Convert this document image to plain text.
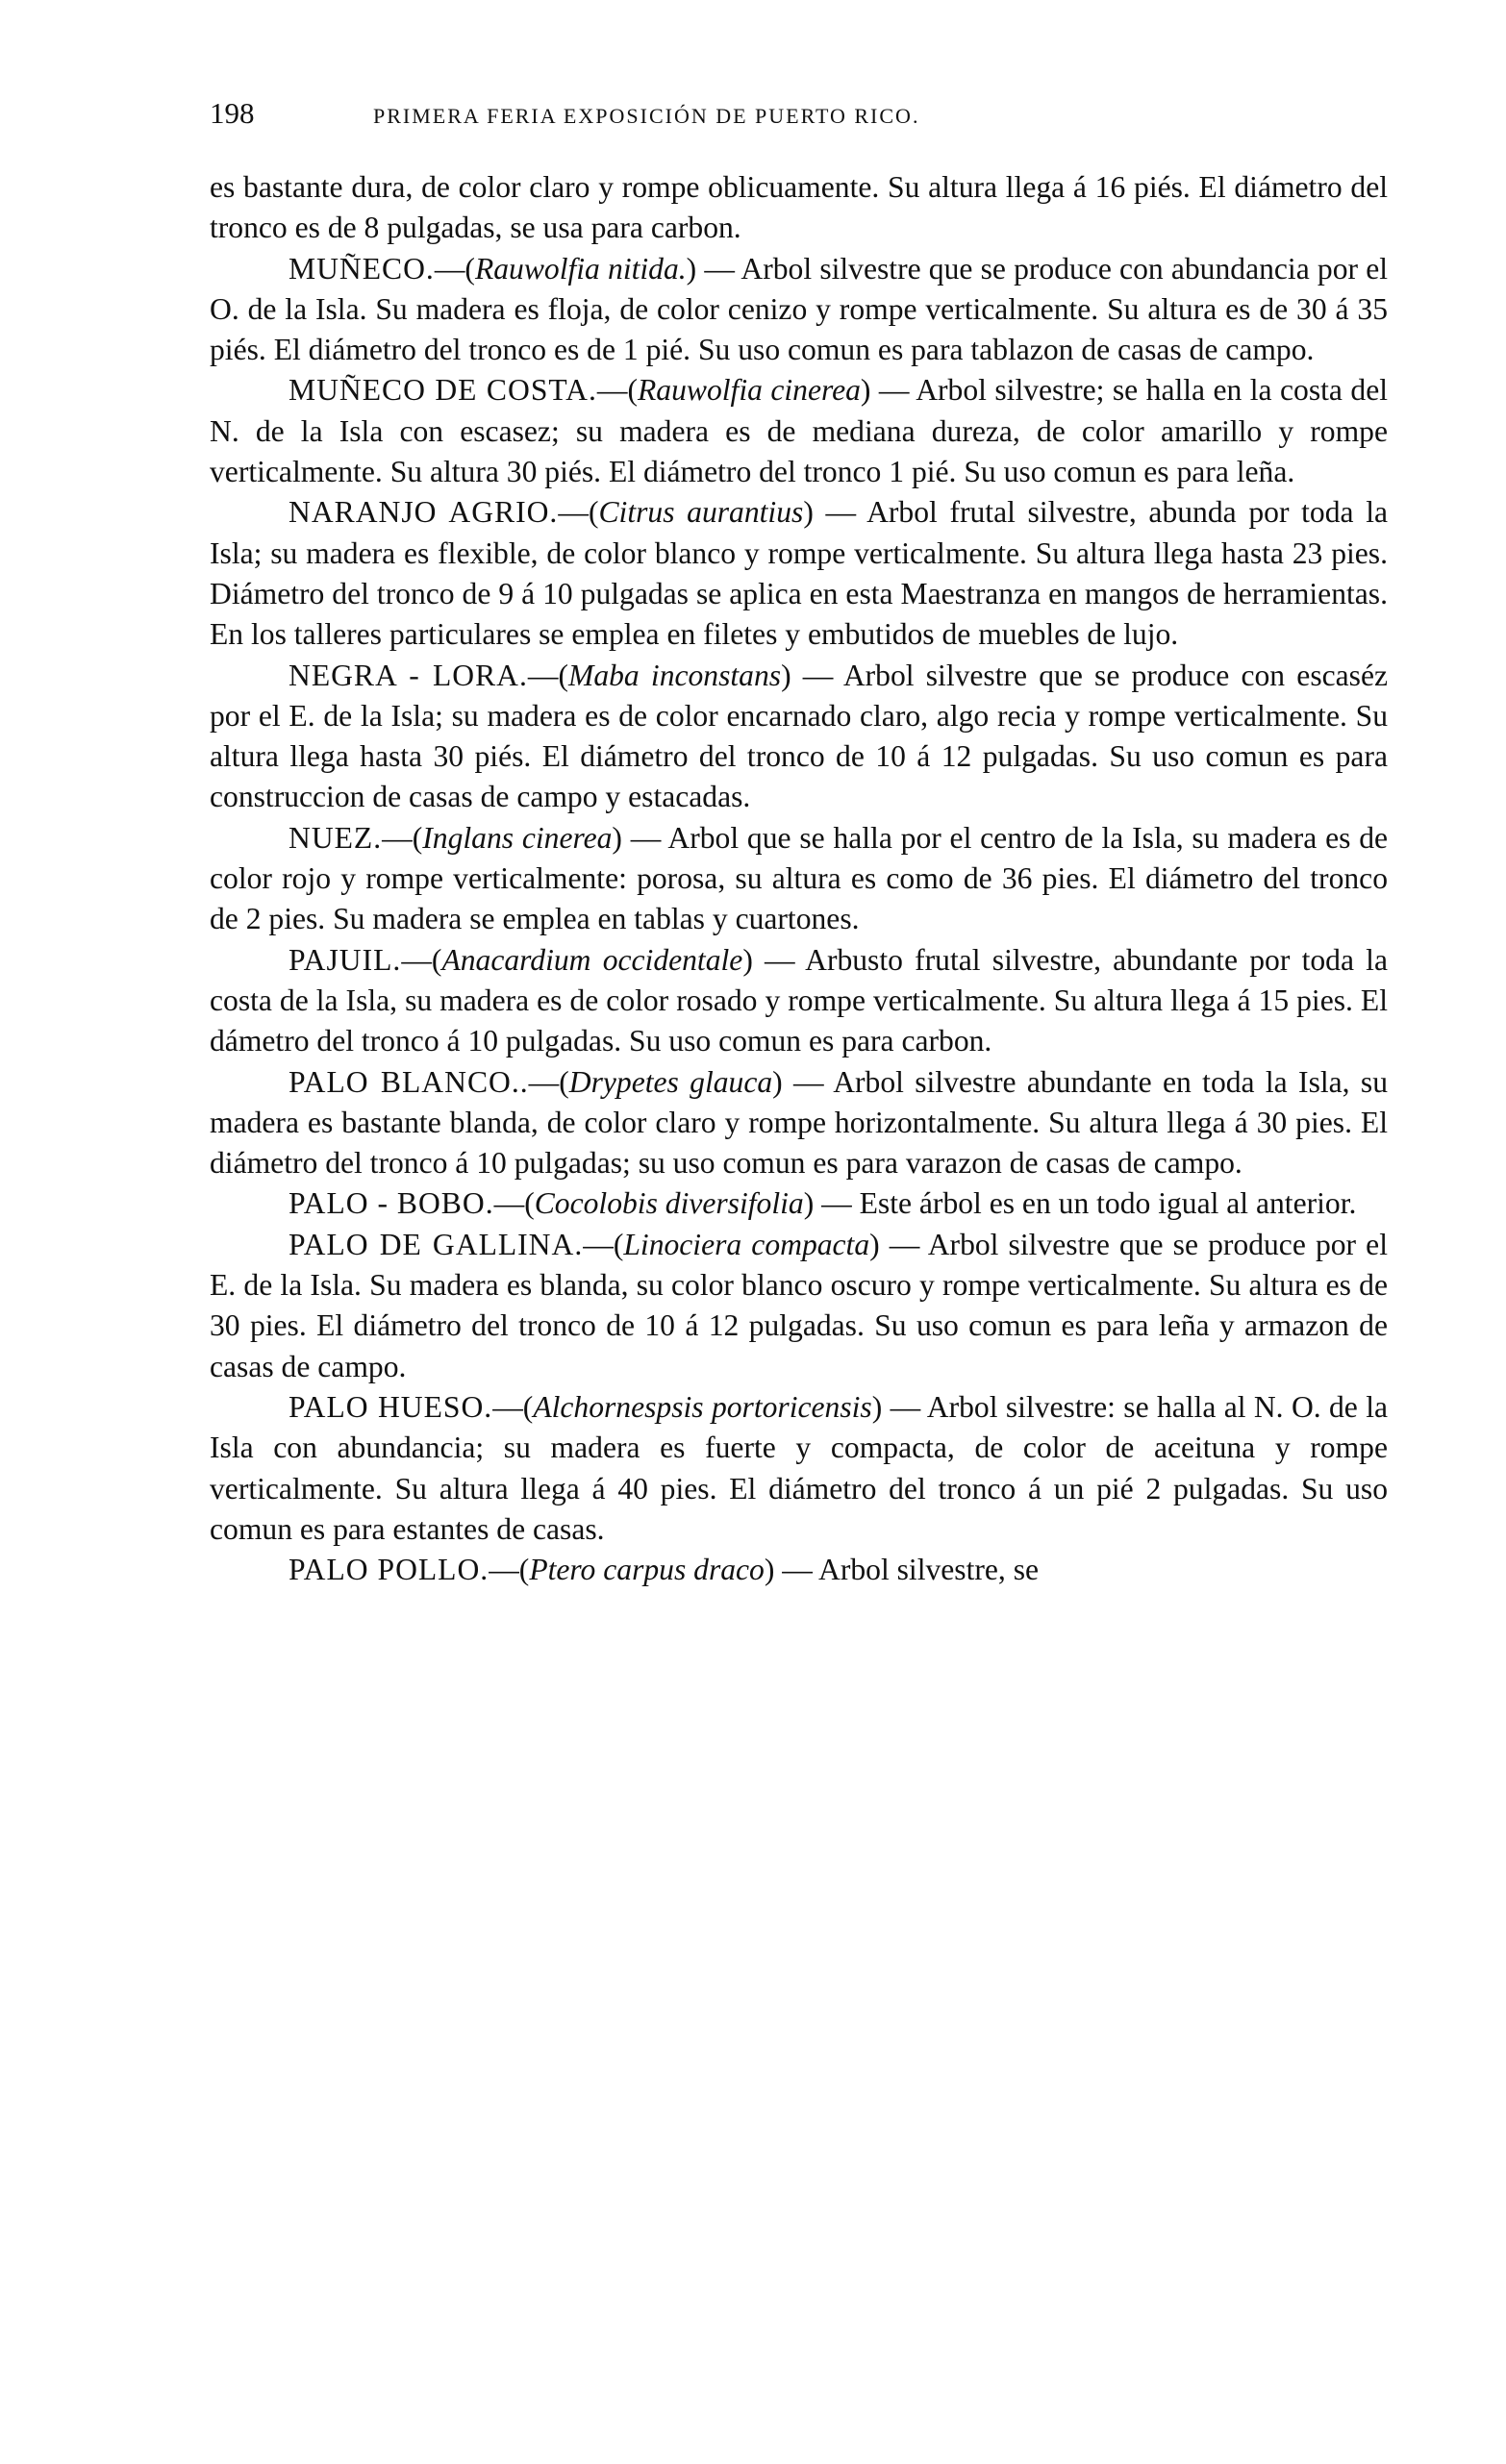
198	PRIMERA FERIA EXPOSICIÓN DE PUERTO RICO.

es bastante dura, de color claro y rompe oblicuamente. Su altura llega á 16 piés. El diámetro del tronco es de 8 pulgadas, se usa para carbon.

MUÑECO.—(Rauwolfia nitida.) — Arbol silvestre que se produce con abundancia por el O. de la Isla. Su madera es floja, de color cenizo y rompe verticalmente. Su altura es de 30 á 35 piés. El diámetro del tronco es de 1 pié. Su uso comun es para tablazon de casas de campo.

MUÑECO DE COSTA.—(Rauwolfia cinerea) — Arbol silvestre; se halla en la costa del N. de la Isla con escasez; su madera es de mediana dureza, de color amarillo y rompe verticalmente. Su altura 30 piés. El diámetro del tronco 1 pié. Su uso comun es para leña.

NARANJO AGRIO.—(Citrus aurantius) — Arbol frutal silvestre, abunda por toda la Isla; su madera es flexible, de color blanco y rompe verticalmente. Su altura llega hasta 23 pies. Diámetro del tronco de 9 á 10 pulgadas se aplica en esta Maestranza en mangos de herramientas. En los talleres particulares se emplea en filetes y embutidos de muebles de lujo.

NEGRA - LORA.—(Maba inconstans) — Arbol silvestre que se produce con escaséz por el E. de la Isla; su madera es de color encarnado claro, algo recia y rompe verticalmente. Su altura llega hasta 30 piés. El diámetro del tronco de 10 á 12 pulgadas. Su uso comun es para construccion de casas de campo y estacadas.

NUEZ.—(Inglans cinerea) — Arbol que se halla por el centro de la Isla, su madera es de color rojo y rompe verticalmente: porosa, su altura es como de 36 pies. El diámetro del tronco de 2 pies. Su madera se emplea en tablas y cuartones.

PAJUIL.—(Anacardium occidentale) — Arbusto frutal silvestre, abundante por toda la costa de la Isla, su madera es de color rosado y rompe verticalmente. Su altura llega á 15 pies. El dámetro del tronco á 10 pulgadas. Su uso comun es para carbon.

PALO BLANCO..—(Drypetes glauca) — Arbol silvestre abundante en toda la Isla, su madera es bastante blanda, de color claro y rompe horizontalmente. Su altura llega á 30 pies. El diámetro del tronco á 10 pulgadas; su uso comun es para varazon de casas de campo.

PALO - BOBO.—(Cocolobis diversifolia) — Este árbol es en un todo igual al anterior.

PALO DE GALLINA.—(Linociera compacta) — Arbol silvestre que se produce por el E. de la Isla. Su madera es blanda, su color blanco oscuro y rompe verticalmente. Su altura es de 30 pies. El diámetro del tronco de 10 á 12 pulgadas. Su uso comun es para leña y armazon de casas de campo.

PALO HUESO.—(Alchornespsis portoricensis) — Arbol silvestre: se halla al N. O. de la Isla con abundancia; su madera es fuerte y compacta, de color de aceituna y rompe verticalmente. Su altura llega á 40 pies. El diámetro del tronco á un pié 2 pulgadas. Su uso comun es para estantes de casas.

PALO POLLO.—(Ptero carpus draco) — Arbol silvestre, se
